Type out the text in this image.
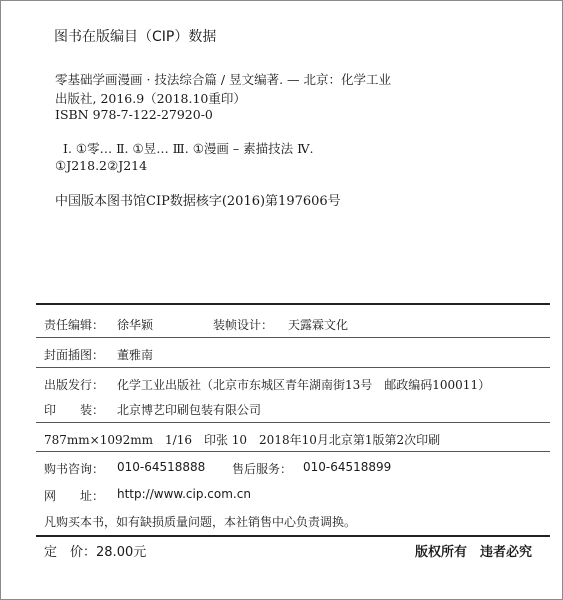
图书在版编目（CIP）数据
零基础学画漫画 · 技法综合篇 / 昱文编著. — 北京：化学工业
出版社, 2016.9（2018.10重印）
ISBN 978-7-122-27920-0
Ⅰ. ①零… Ⅱ. ①昱… Ⅲ. ①漫画 – 素描技法 Ⅳ.
①J218.2②J214
中国版本图书馆CIP数据核字(2016)第197606号
责任编辑： 徐华颖	装帧设计： 天露霖文化
封面插图： 董雅南
出版发行： 化学工业出版社（北京市东城区青年湖南街13号　邮政编码100011）
印　　装： 北京博艺印刷包装有限公司
787mm×1092mm　1/16　印张 10　2018年10月北京第1版第2次印刷
购书咨询： 010-64518888 售后服务： 010-64518899
网　　址： http://www.cip.com.cn
凡购买本书，如有缺损质量问题，本社销售中心负责调换。
定　价：28.00元	版权所有　违者必究
